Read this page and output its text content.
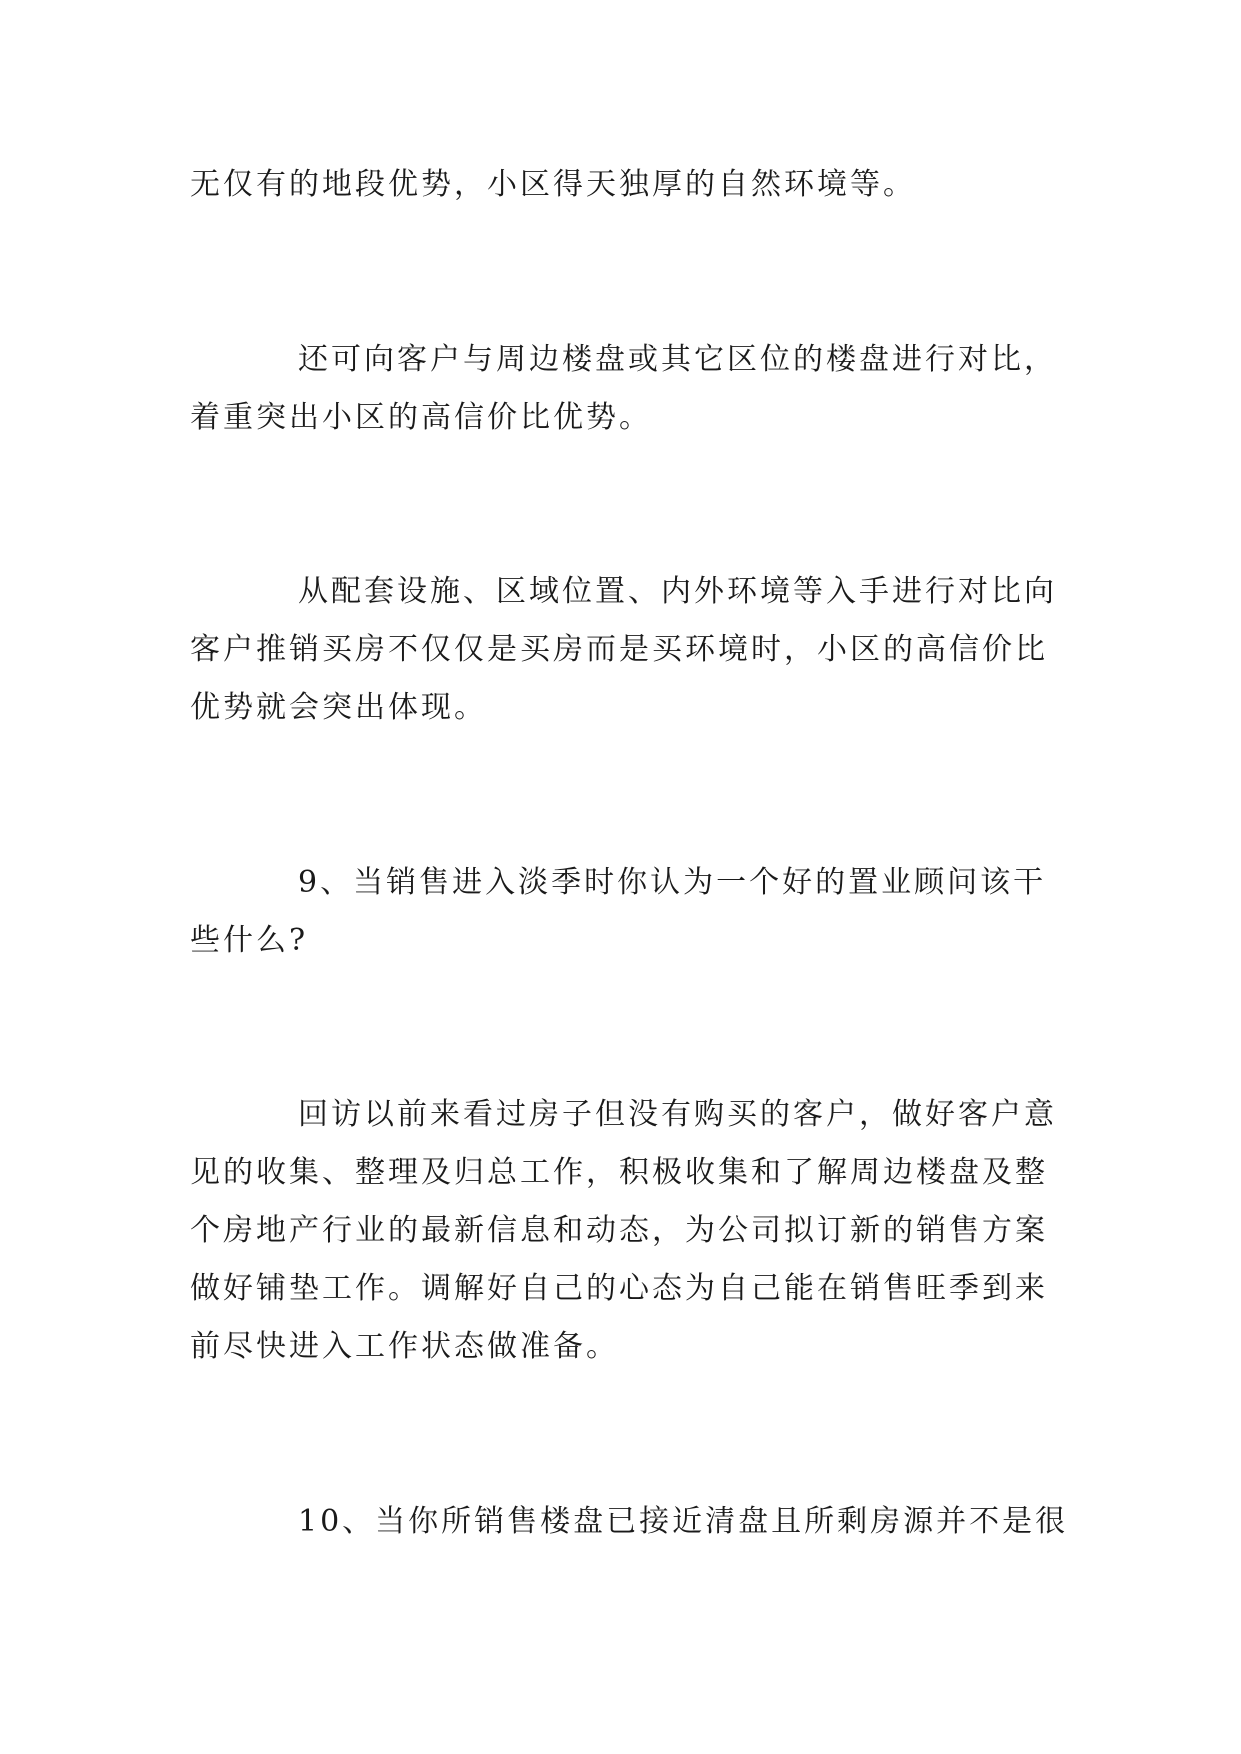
无仅有的地段优势，小区得天独厚的自然环境等。

还可向客户与周边楼盘或其它区位的楼盘进行对比，
着重突出小区的高信价比优势。

从配套设施、区域位置、内外环境等入手进行对比向
客户推销买房不仅仅是买房而是买环境时，小区的高信价比
优势就会突出体现。

9、当销售进入淡季时你认为一个好的置业顾问该干
些什么?

回访以前来看过房子但没有购买的客户，做好客户意
见的收集、整理及归总工作，积极收集和了解周边楼盘及整
个房地产行业的最新信息和动态，为公司拟订新的销售方案
做好铺垫工作。调解好自己的心态为自己能在销售旺季到来
前尽快进入工作状态做准备。

10、当你所销售楼盘已接近清盘且所剩房源并不是很
